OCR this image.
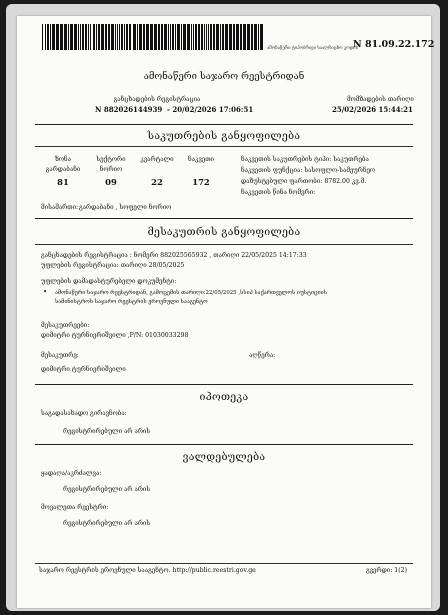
ამონაწერი ტიპობრივი სააღრიცხო კოდის
N 81.09.22.172
ამონაწერი საჯარო რეესტრიდან
განცხადების რეგისტრაცია
N 882026144939 - 20/02/2026 17:06:51
მომზადების თარიღი
25/02/2026 15:44:21
საკუთრების განყოფილება
ზონა	სექტორი	კვარტალი	ნაკვეთი
გარდაბანი	ნორიო
81	09	22	172
მისამართი: გარდაბანი , სოფელი ნორიო
ნაკვეთის საკუთრების ტიპი: საკუთრება
ნაკვეთის ფუნქცია: სასოფლო-სამეურნეო
დაზუსტებული ფართობი: 8782.00 კვ.მ.
ნაკვეთის წინა ნომერი:
მესაკუთრის განყოფილება
განცხადების რეგისტრაცია : ნომერი 882025565932 , თარიღი 22/05/2025 14:17:33
უფლების რეგისტრაცია: თარიღი 28/05/2025
უფლების დამადასტურებელი დოკუმენტი:
• ამონაწერი საჯარო რეესტრიდან, გამოცემის თარიღი:22/05/2025 ,სსიპ საქართველოს იუსტიციის
სამინისტროს საჯარო რეესტრის ეროვნული სააგენტო
მესაკუთრეები:
დიმიტრი ტურნიერიშვილი ,P/N: 01030033298
მესაკუთრე:
დიმიტრი ტურნიერიშვილი
აღწერა:
იპოთეკა
საგადასახადო გირავნობა:
რეგისტრირებული არ არის
ვალდებულება
ყადაღა/აკრძალვა:
რეგისტრირებული არ არის
მოვალეთა რეესტრი:
რეგისტრირებული არ არის
საჯარო რეესტრის ეროვნული სააგენტო. http://public.reestri.gov.ge	გვერდი: 1(2)
